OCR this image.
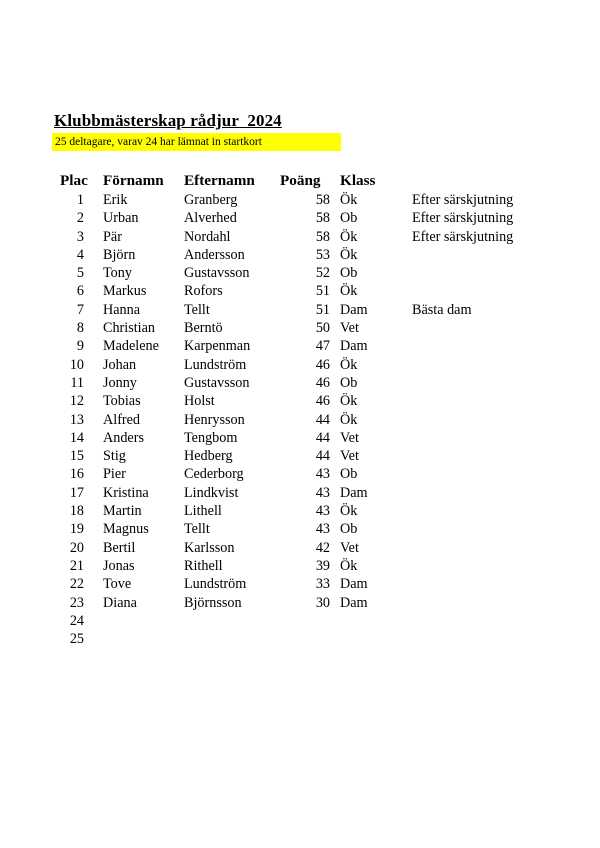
Klubbmästerskap rådjur  2024
25 deltagare, varav 24 har lämnat in startkort
Plac	Förnamn	Efternamn	Poäng	Klass	
1	Erik	Granberg	58	Ök	Efter särskjutning
2	Urban	Alverhed	58	Ob	Efter särskjutning
3	Pär	Nordahl	58	Ök	Efter särskjutning
4	Björn	Andersson	53	Ök	
5	Tony	Gustavsson	52	Ob	
6	Markus	Rofors	51	Ök	
7	Hanna	Tellt	51	Dam	Bästa dam
8	Christian	Berntö	50	Vet	
9	Madelene	Karpenman	47	Dam	
10	Johan	Lundström	46	Ök	
11	Jonny	Gustavsson	46	Ob	
12	Tobias	Holst	46	Ök	
13	Alfred	Henrysson	44	Ök	
14	Anders	Tengbom	44	Vet	
15	Stig	Hedberg	44	Vet	
16	Pier	Cederborg	43	Ob	
17	Kristina	Lindkvist	43	Dam	
18	Martin	Lithell	43	Ök	
19	Magnus	Tellt	43	Ob	
20	Bertil	Karlsson	42	Vet	
21	Jonas	Rithell	39	Ök	
22	Tove	Lundström	33	Dam	
23	Diana	Björnsson	30	Dam	
24					
25					
